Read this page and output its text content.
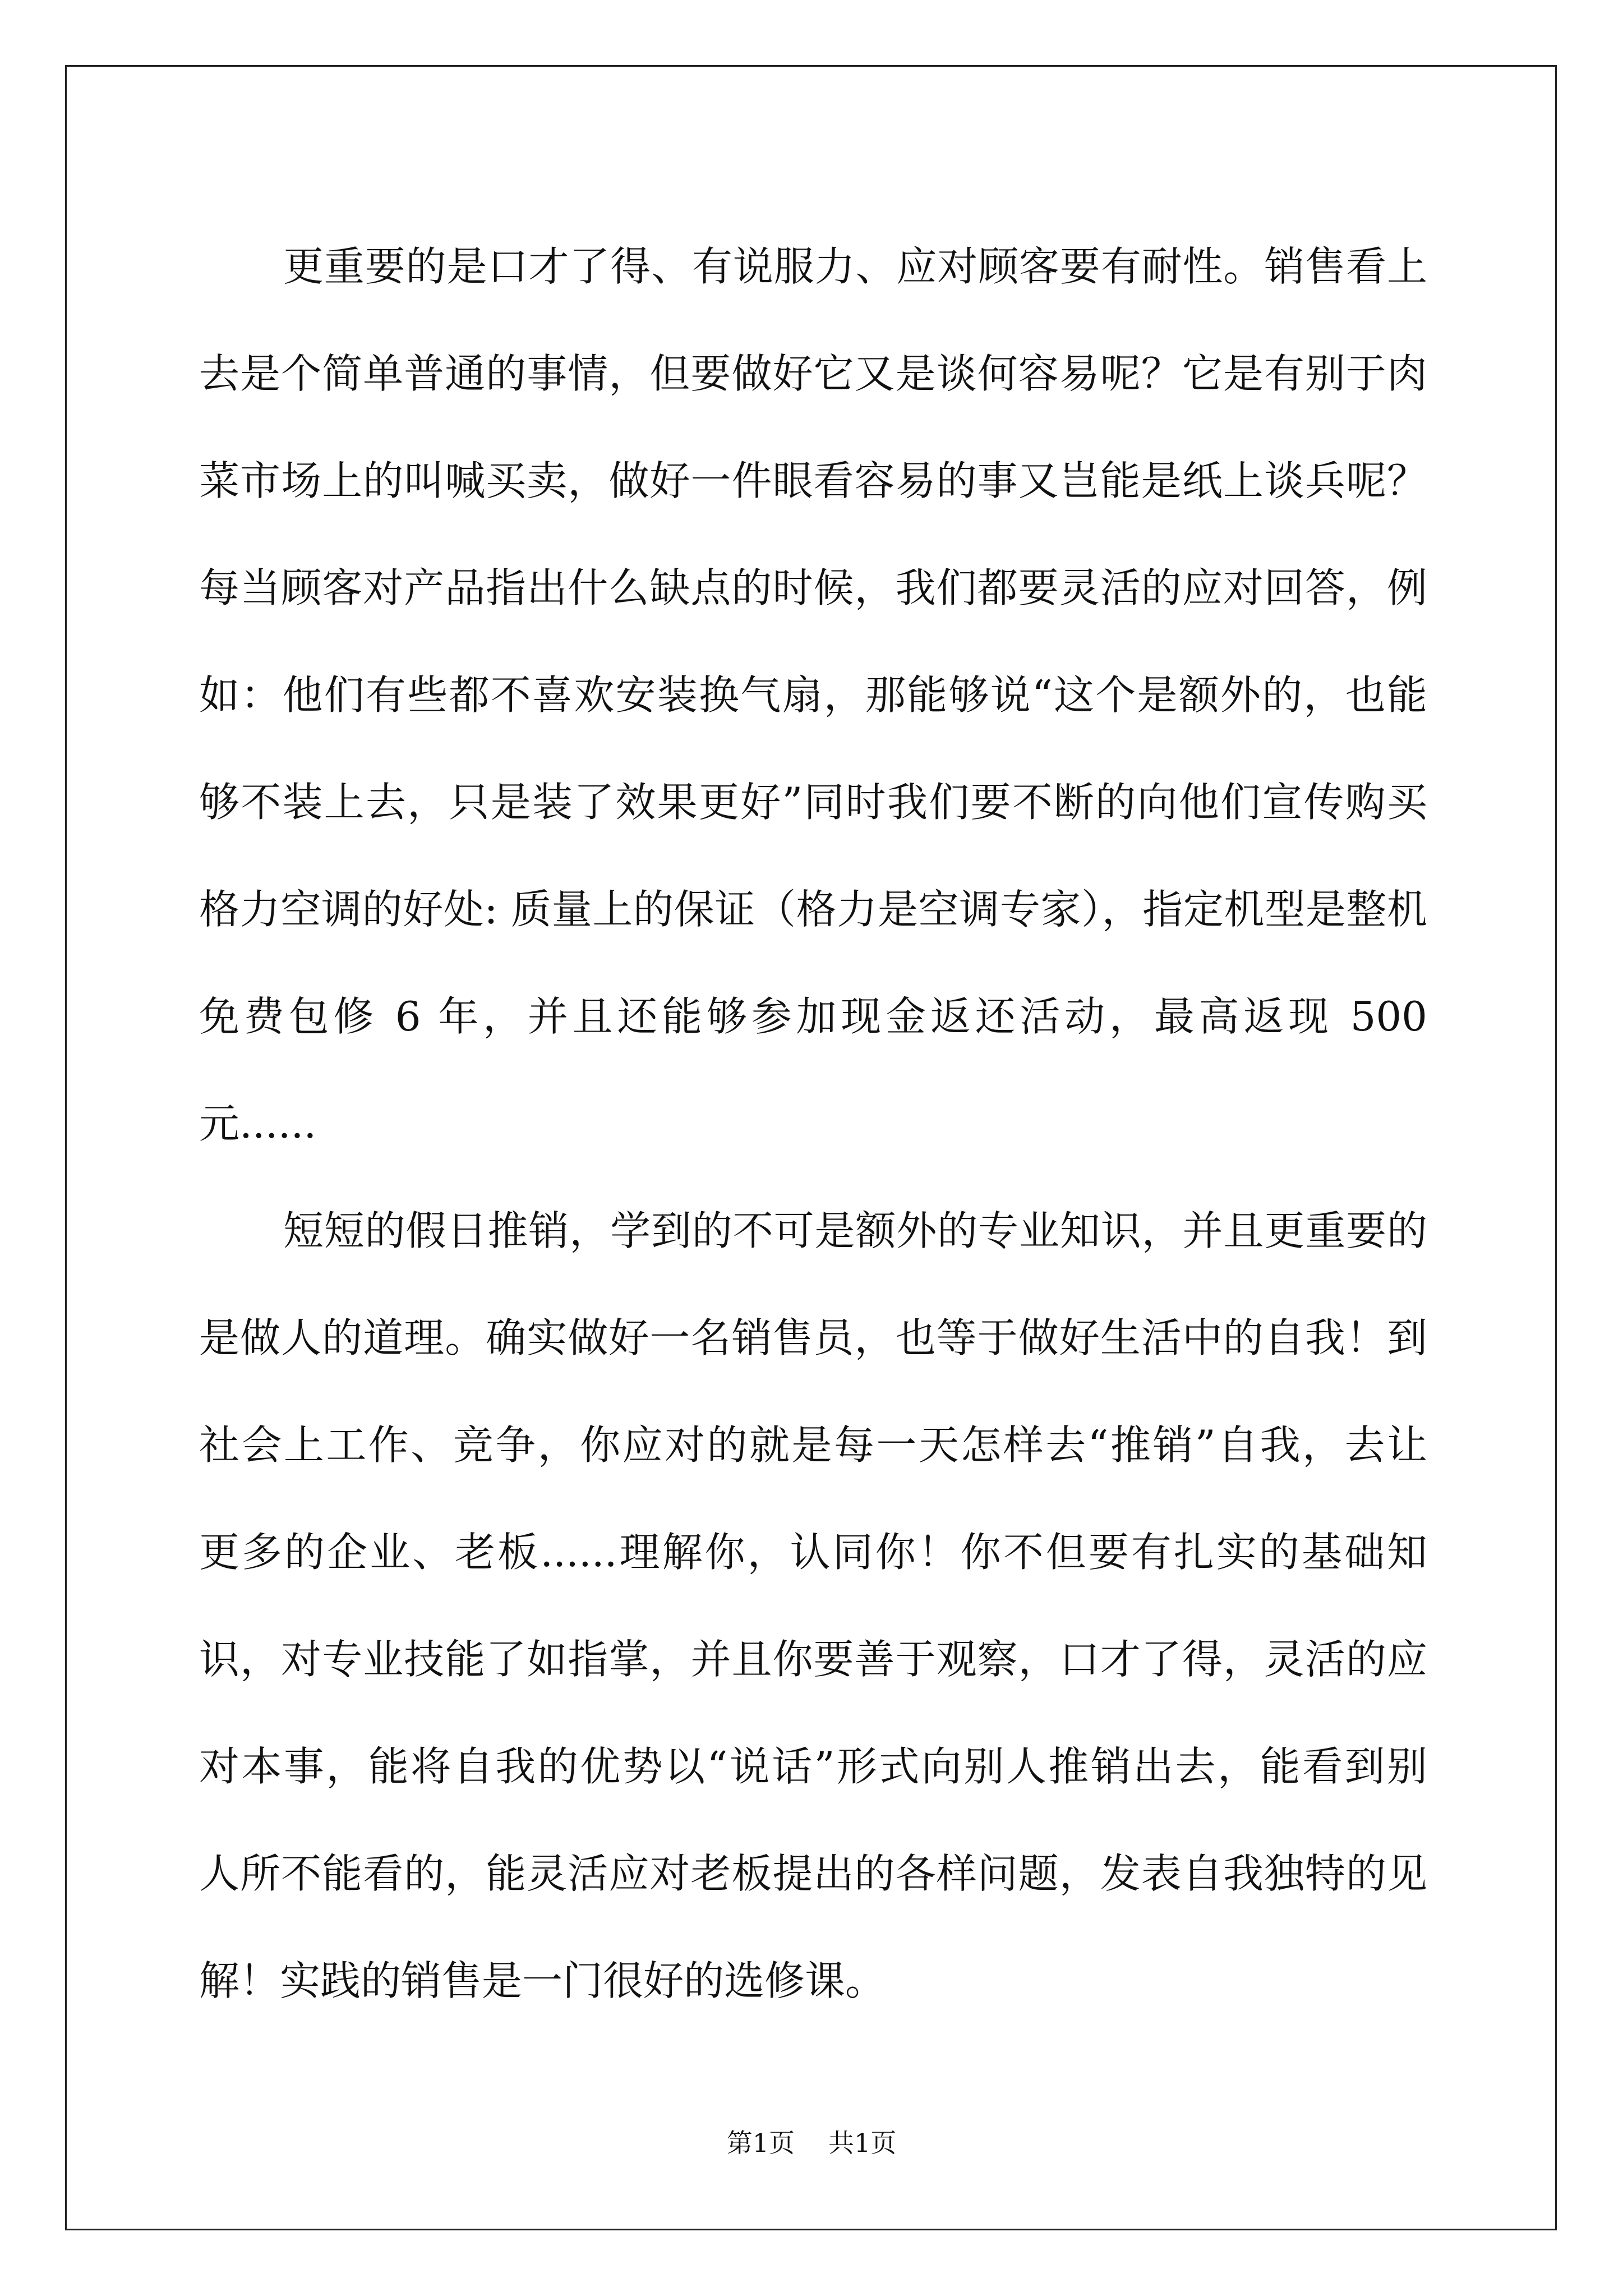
更重要的是口才了得、有说服力、应对顾客要有耐性。销售看上
去是个简单普通的事情，但要做好它又是谈何容易呢？它是有别于肉
菜市场上的叫喊买卖，做好一件眼看容易的事又岂能是纸上谈兵呢？
每当顾客对产品指出什么缺点的时候，我们都要灵活的应对回答，例
如：他们有些都不喜欢安装换气扇，那能够说“这个是额外的，也能
够不装上去，只是装了效果更好”同时我们要不断的向他们宣传购买
格力空调的好处: 质量上的保证（格力是空调专家），指定机型是整机
免费包修 6 年，并且还能够参加现金返还活动，最高返现 500
元......
短短的假日推销，学到的不可是额外的专业知识，并且更重要的
是做人的道理。确实做好一名销售员，也等于做好生活中的自我！到
社会上工作、竞争，你应对的就是每一天怎样去“推销”自我，去让
更多的企业、老板......理解你，认同你！你不但要有扎实的基础知
识，对专业技能了如指掌，并且你要善于观察，口才了得，灵活的应
对本事，能将自我的优势以“说话”形式向别人推销出去，能看到别
人所不能看的，能灵活应对老板提出的各样问题，发表自我独特的见
解！实践的销售是一门很好的选修课。
第1页 共1页
